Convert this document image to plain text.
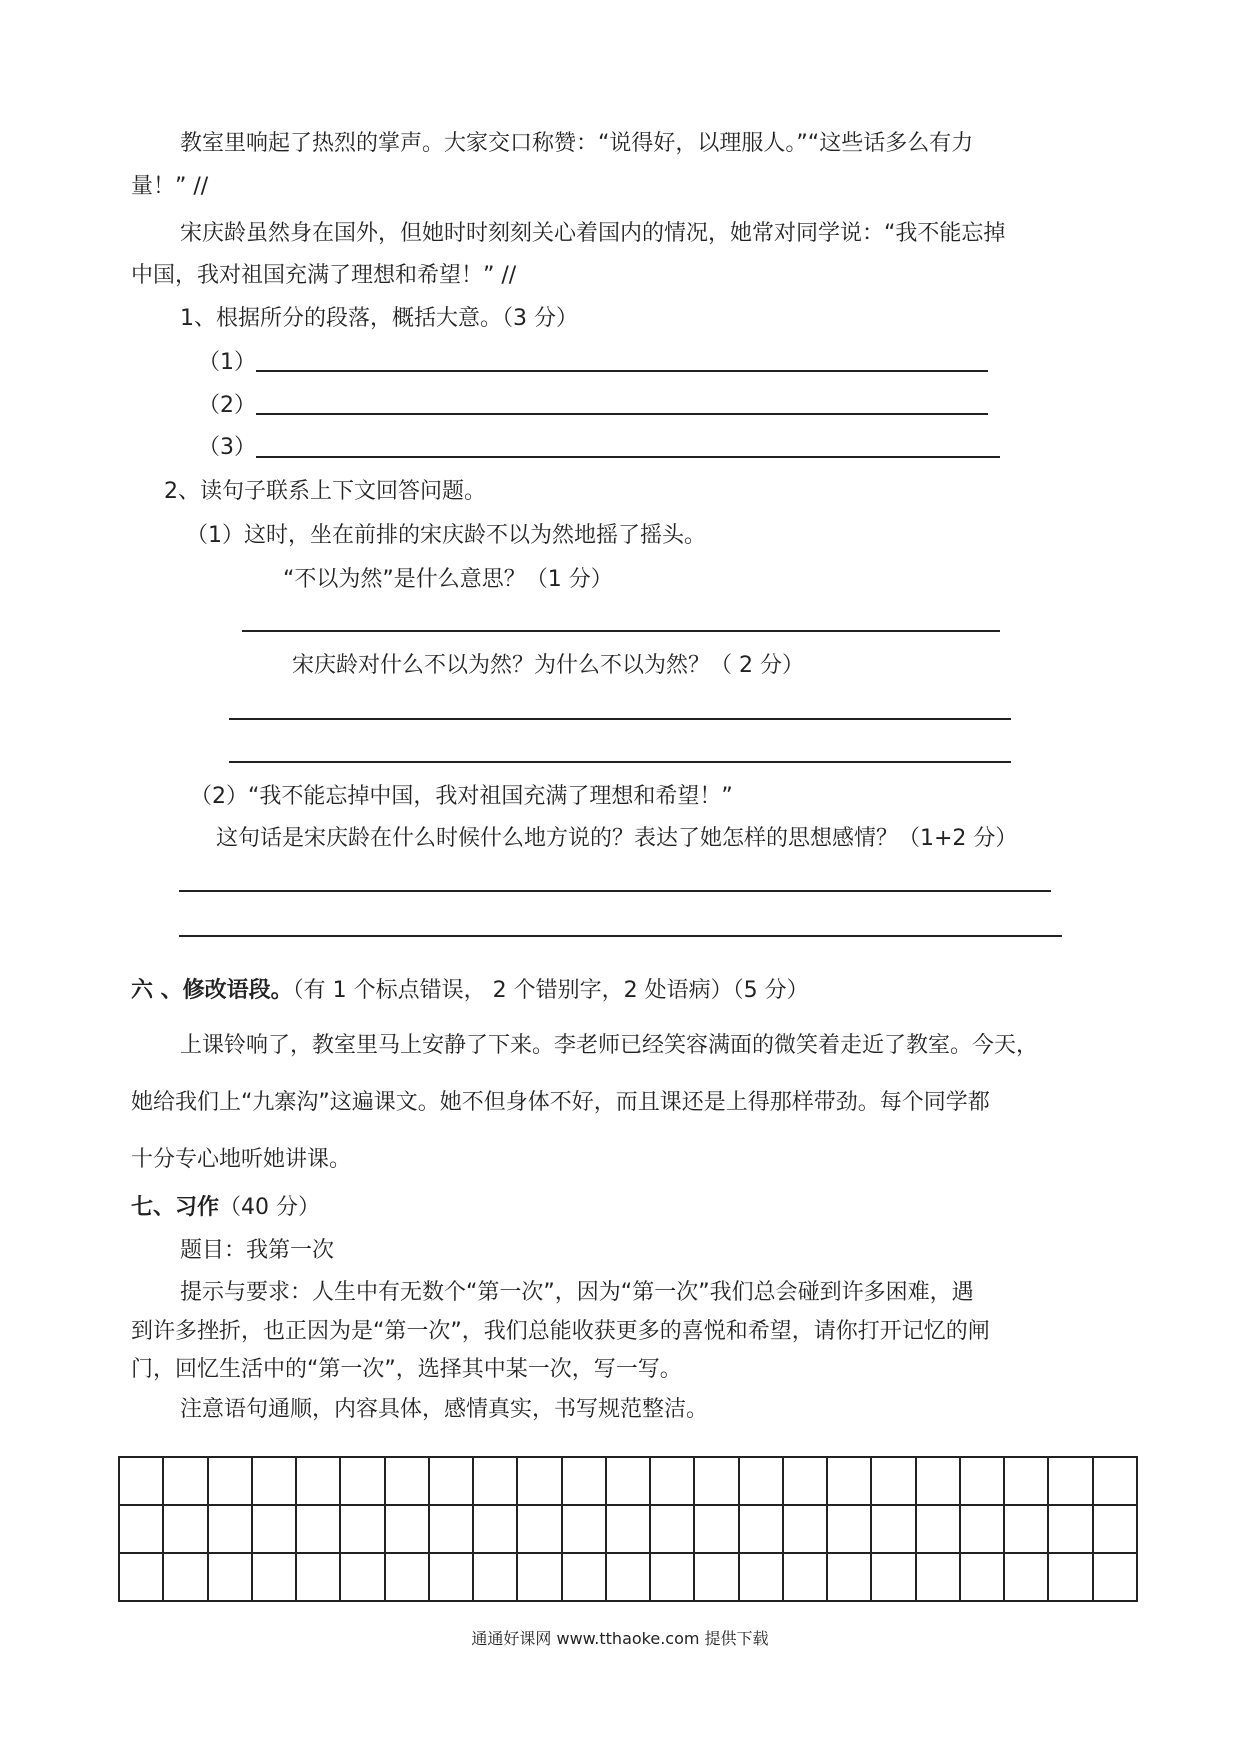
教室里响起了热烈的掌声。大家交口称赞：“说得好，以理服人。”“这些话多么有力
量！” //
宋庆龄虽然身在国外，但她时时刻刻关心着国内的情况，她常对同学说：“我不能忘掉
中国，我对祖国充满了理想和希望！” //
1、根据所分的段落，概括大意。（3 分）
（1）
（2）
（3）
2、读句子联系上下文回答问题。
（1）这时，坐在前排的宋庆龄不以为然地摇了摇头。
“不以为然”是什么意思？（1 分）
宋庆龄对什么不以为然？为什么不以为然？（ 2 分）
（2）“我不能忘掉中国，我对祖国充满了理想和希望！”
这句话是宋庆龄在什么时候什么地方说的？表达了她怎样的思想感情？（1+2 分）
六 、修改语段。（有 1 个标点错误， 2 个错别字，2 处语病）（5 分）
上课铃响了，教室里马上安静了下来。李老师已经笑容满面的微笑着走近了教室。今天，
她给我们上“九寨沟”这遍课文。她不但身体不好，而且课还是上得那样带劲。每个同学都
十分专心地听她讲课。
七、习作（40 分）
题目：我第一次
提示与要求：人生中有无数个“第一次”，因为“第一次”我们总会碰到许多困难，遇
到许多挫折，也正因为是“第一次”，我们总能收获更多的喜悦和希望，请你打开记忆的闸
门，回忆生活中的“第一次”，选择其中某一次，写一写。
注意语句通顺，内容具体，感情真实，书写规范整洁。

通通好课网 www.tthaoke.com 提供下载
